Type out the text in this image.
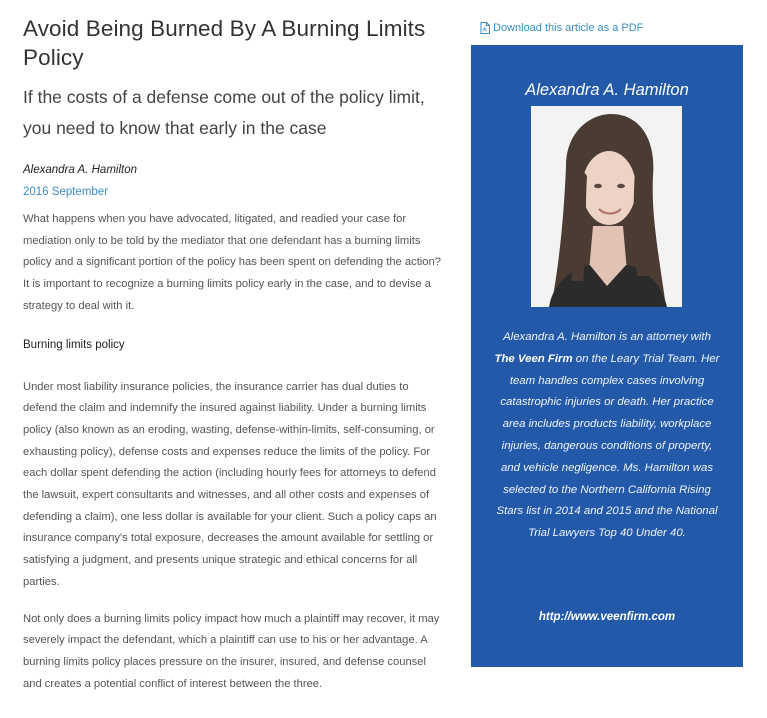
Avoid Being Burned By A Burning Limits Policy
If the costs of a defense come out of the policy limit, you need to know that early in the case
Alexandra A. Hamilton
2016 September

What happens when you have advocated, litigated, and readied your case for mediation only to be told by the mediator that one defendant has a burning limits policy and a significant portion of the policy has been spent on defending the action? It is important to recognize a burning limits policy early in the case, and to devise a strategy to deal with it.

Burning limits policy

Under most liability insurance policies, the insurance carrier has dual duties to defend the claim and indemnify the insured against liability. Under a burning limits policy (also known as an eroding, wasting, defense-within-limits, self-consuming, or exhausting policy), defense costs and expenses reduce the limits of the policy. For each dollar spent defending the action (including hourly fees for attorneys to defend the lawsuit, expert consultants and witnesses, and all other costs and expenses of defending a claim), one less dollar is available for your client. Such a policy caps an insurance company's total exposure, decreases the amount available for settling or satisfying a judgment, and presents unique strategic and ethical concerns for all parties.

Not only does a burning limits policy impact how much a plaintiff may recover, it may severely impact the defendant, which a plaintiff can use to his or her advantage. A burning limits policy places pressure on the insurer, insured, and defense counsel and creates a potential conflict of interest between the three.

Download this article as a PDF
Alexandra A. Hamilton
Alexandra A. Hamilton is an attorney with The Veen Firm on the Leary Trial Team. Her team handles complex cases involving catastrophic injuries or death. Her practice area includes products liability, workplace injuries, dangerous conditions of property, and vehicle negligence. Ms. Hamilton was selected to the Northern California Rising Stars list in 2014 and 2015 and the National Trial Lawyers Top 40 Under 40.
http://www.veenfirm.com
